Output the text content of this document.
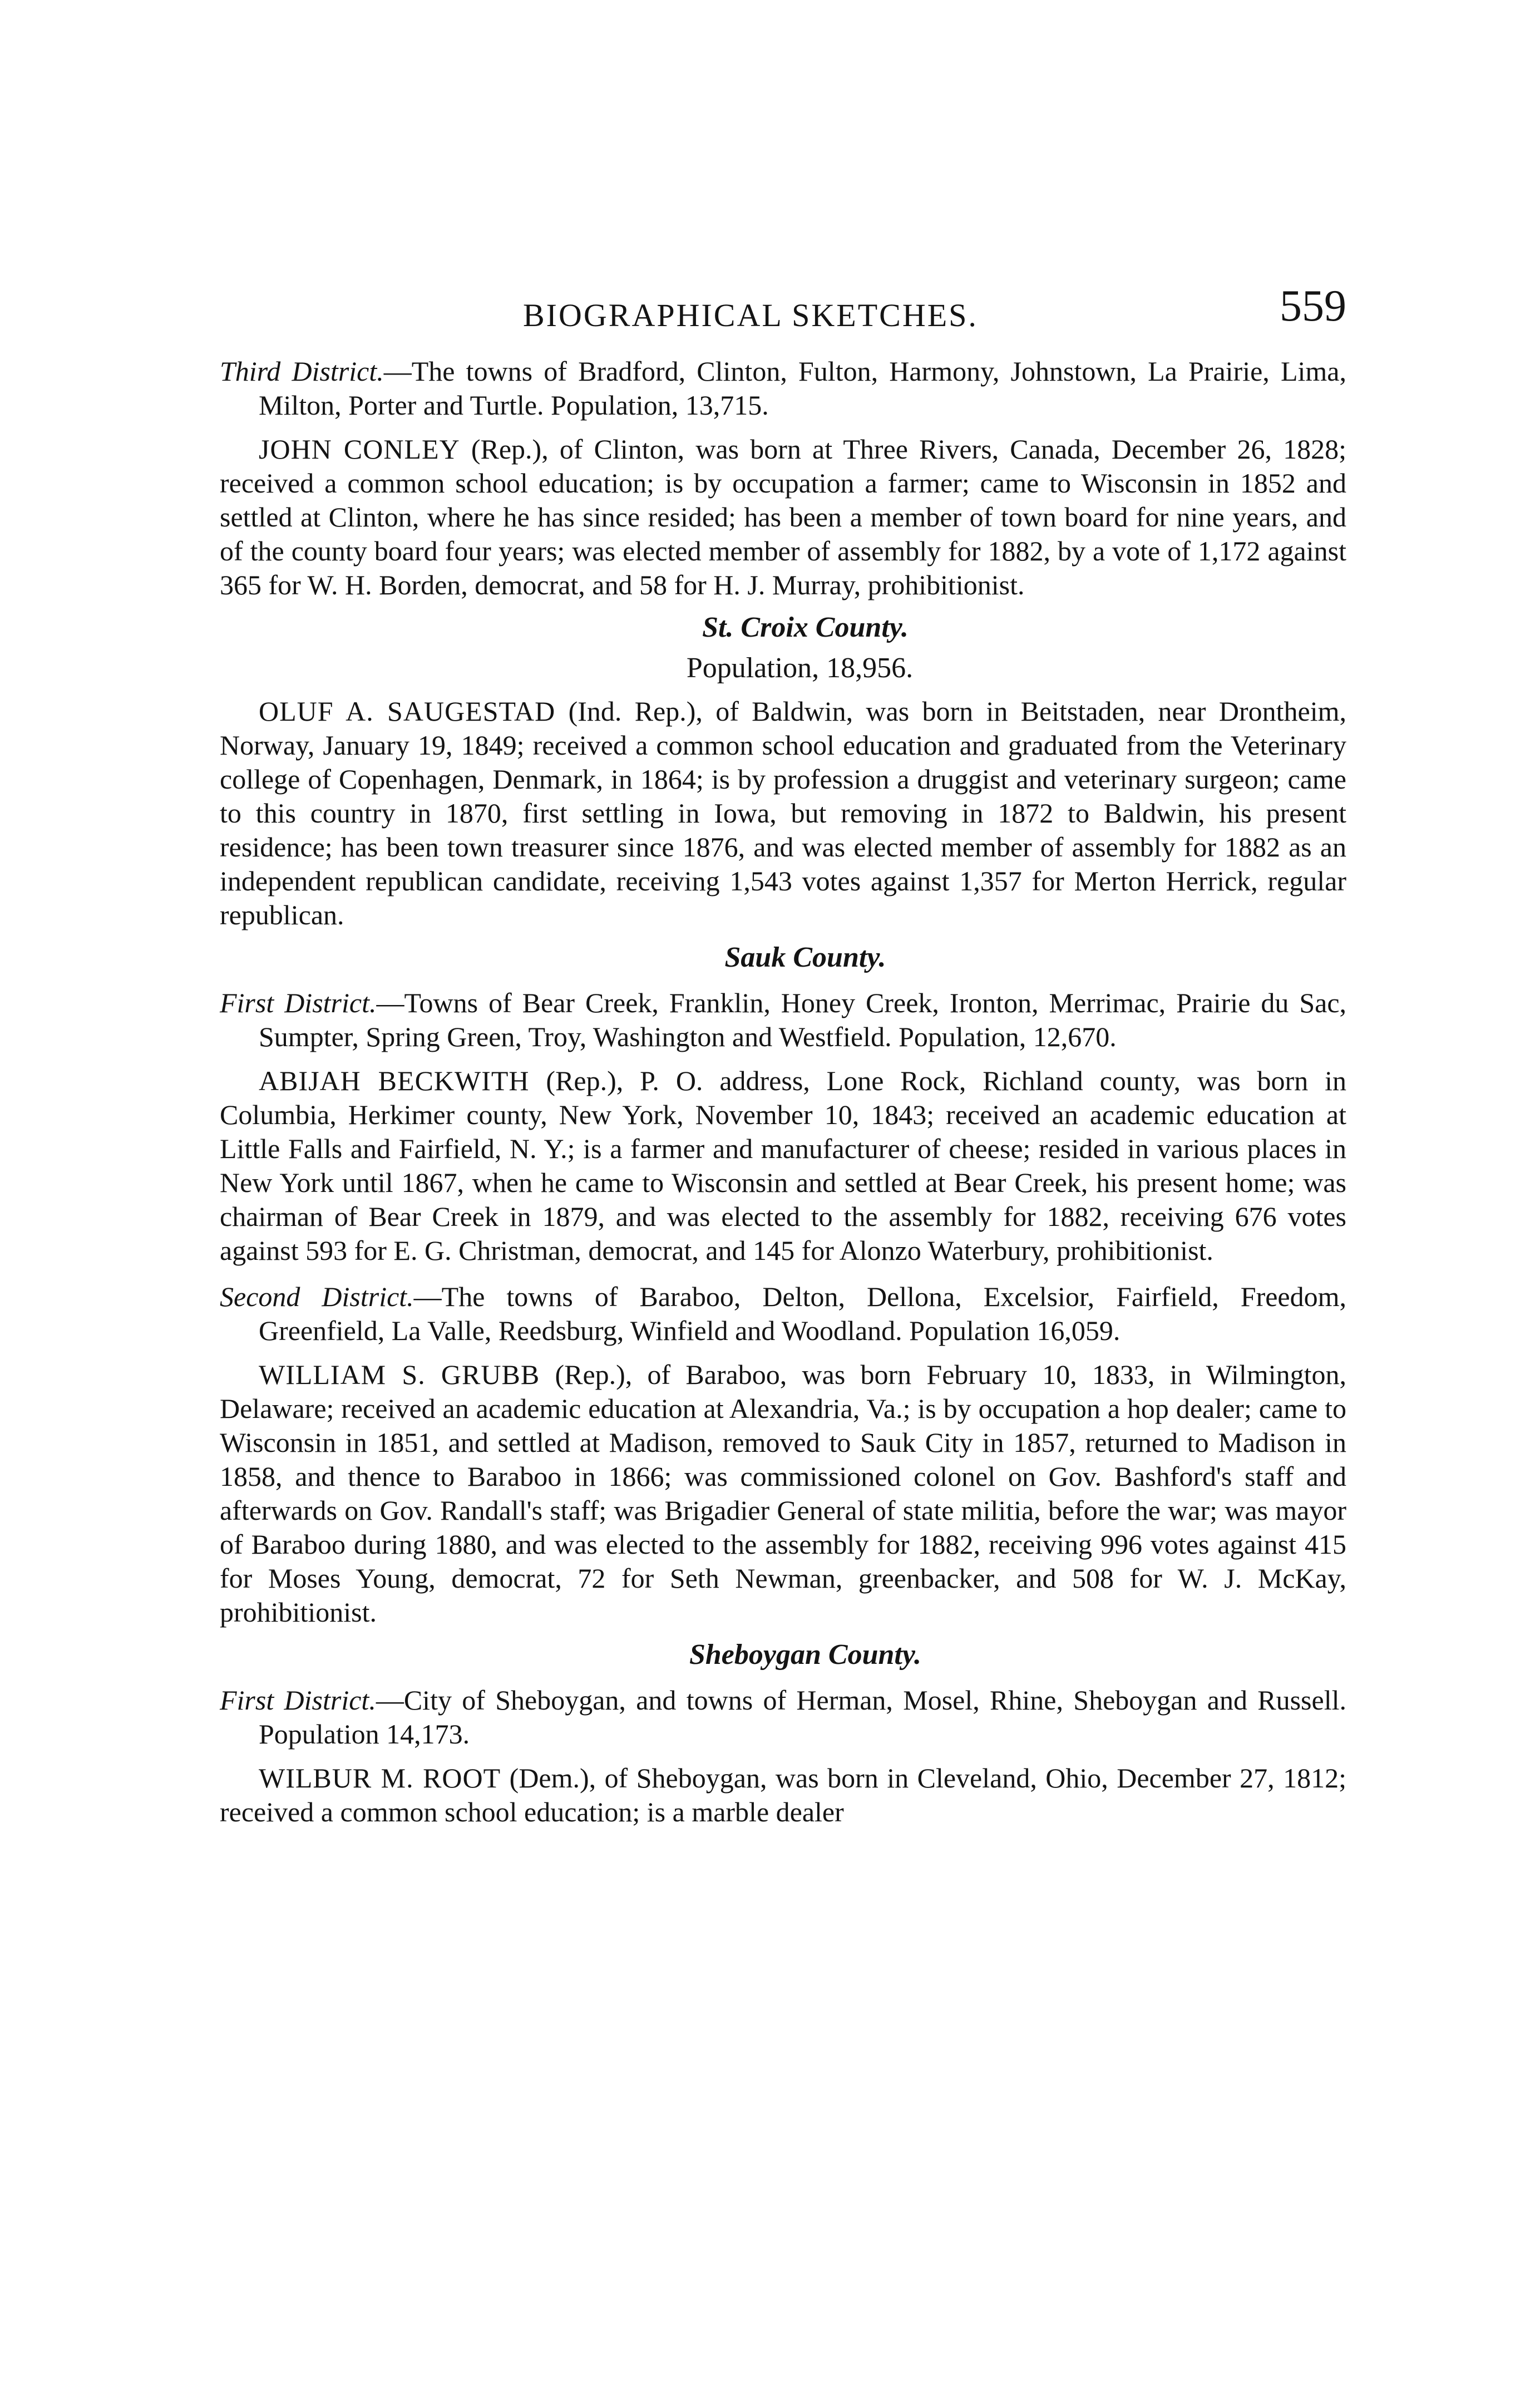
BIOGRAPHICAL SKETCHES.	559

Third District.—The towns of Bradford, Clinton, Fulton, Harmony, Johnstown, La Prairie, Lima, Milton, Porter and Turtle. Population, 13,715.

JOHN CONLEY (Rep.), of Clinton, was born at Three Rivers, Canada, December 26, 1828; received a common school education; is by occupation a farmer; came to Wisconsin in 1852 and settled at Clinton, where he has since resided; has been a member of town board for nine years, and of the county board four years; was elected member of assembly for 1882, by a vote of 1,172 against 365 for W. H. Borden, democrat, and 58 for H. J. Murray, prohibitionist.

St. Croix County.
Population, 18,956.

OLUF A. SAUGESTAD (Ind. Rep.), of Baldwin, was born in Beitstaden, near Drontheim, Norway, January 19, 1849; received a common school education and graduated from the Veterinary college of Copenhagen, Denmark, in 1864; is by profession a druggist and veterinary surgeon; came to this country in 1870, first settling in Iowa, but removing in 1872 to Baldwin, his present residence; has been town treasurer since 1876, and was elected member of assembly for 1882 as an independent republican candidate, receiving 1,543 votes against 1,357 for Merton Herrick, regular republican.

Sauk County.

First District.—Towns of Bear Creek, Franklin, Honey Creek, Ironton, Merrimac, Prairie du Sac, Sumpter, Spring Green, Troy, Washington and Westfield. Population, 12,670.

ABIJAH BECKWITH (Rep.), P. O. address, Lone Rock, Richland county, was born in Columbia, Herkimer county, New York, November 10, 1843; received an academic education at Little Falls and Fairfield, N. Y.; is a farmer and manufacturer of cheese; resided in various places in New York until 1867, when he came to Wisconsin and settled at Bear Creek, his present home; was chairman of Bear Creek in 1879, and was elected to the assembly for 1882, receiving 676 votes against 593 for E. G. Christman, democrat, and 145 for Alonzo Waterbury, prohibitionist.

Second District.—The towns of Baraboo, Delton, Dellona, Excelsior, Fairfield, Freedom, Greenfield, La Valle, Reedsburg, Winfield and Woodland. Population 16,059.

WILLIAM S. GRUBB (Rep.), of Baraboo, was born February 10, 1833, in Wilmington, Delaware; received an academic education at Alexandria, Va.; is by occupation a hop dealer; came to Wisconsin in 1851, and settled at Madison, removed to Sauk City in 1857, returned to Madison in 1858, and thence to Baraboo in 1866; was commissioned colonel on Gov. Bashford's staff and afterwards on Gov. Randall's staff; was Brigadier General of state militia, before the war; was mayor of Baraboo during 1880, and was elected to the assembly for 1882, receiving 996 votes against 415 for Moses Young, democrat, 72 for Seth Newman, greenbacker, and 508 for W. J. McKay, prohibitionist.

Sheboygan County.

First District.—City of Sheboygan, and towns of Herman, Mosel, Rhine, Sheboygan and Russell. Population 14,173.

WILBUR M. ROOT (Dem.), of Sheboygan, was born in Cleveland, Ohio, December 27, 1812; received a common school education; is a marble dealer
